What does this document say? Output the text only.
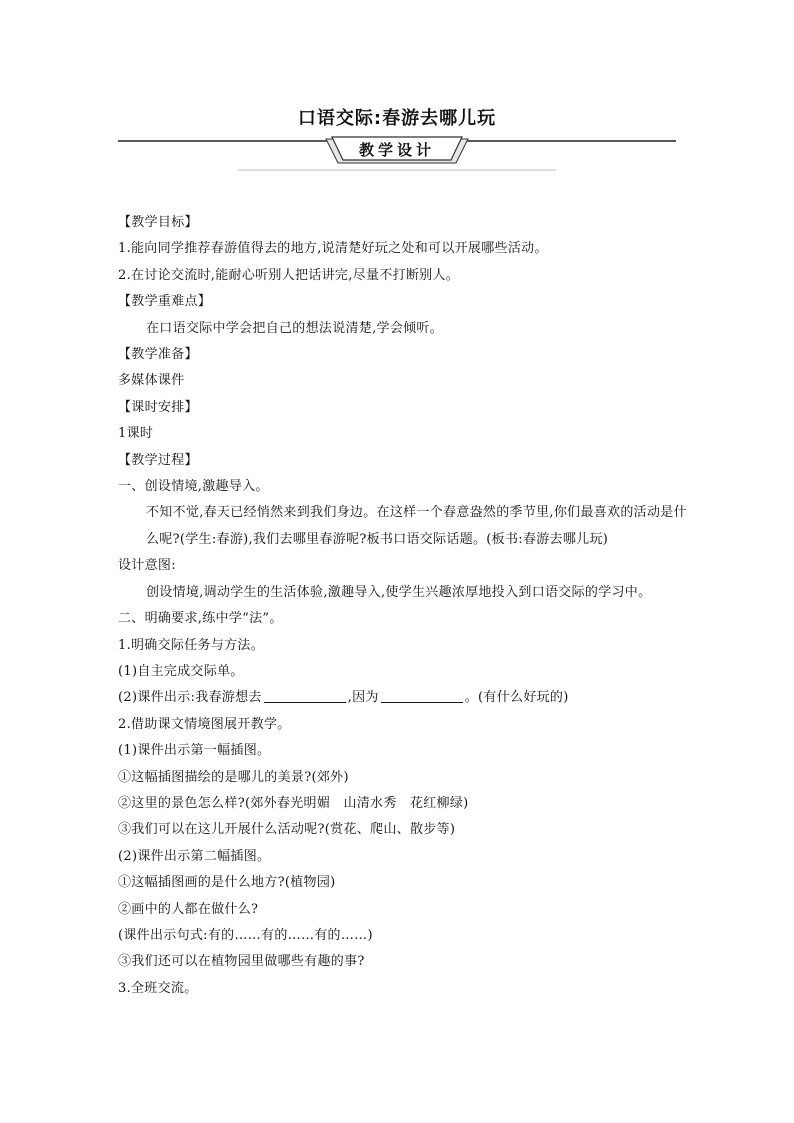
口语交际:春游去哪儿玩
教学设计

【教学目标】

1.能向同学推荐春游值得去的地方,说清楚好玩之处和可以开展哪些活动。

2.在讨论交流时,能耐心听别人把话讲完,尽量不打断别人。

【教学重难点】

在口语交际中学会把自己的想法说清楚,学会倾听。

【教学准备】

多媒体课件

【课时安排】

1课时

【教学过程】

一、创设情境,激趣导入。

不知不觉,春天已经悄然来到我们身边。在这样一个春意盎然的季节里,你们最喜欢的活动是什么呢?(学生:春游),我们去哪里春游呢?板书口语交际话题。(板书:春游去哪儿玩)

设计意图:

创设情境,调动学生的生活体验,激趣导入,使学生兴趣浓厚地投入到口语交际的学习中。

二、明确要求,练中学“法”。

1.明确交际任务与方法。

(1)自主完成交际单。

(2)课件出示:我春游想去	,因为	。(有什么好玩的)

2.借助课文情境图展开教学。

(1)课件出示第一幅插图。

①这幅插图描绘的是哪儿的美景?(郊外)

②这里的景色怎么样?(郊外春光明媚　山清水秀　花红柳绿)

③我们可以在这儿开展什么活动呢?(赏花、爬山、散步等)

(2)课件出示第二幅插图。

①这幅插图画的是什么地方?(植物园)

②画中的人都在做什么?

(课件出示句式:有的……有的……有的……)

③我们还可以在植物园里做哪些有趣的事?

3.全班交流。
